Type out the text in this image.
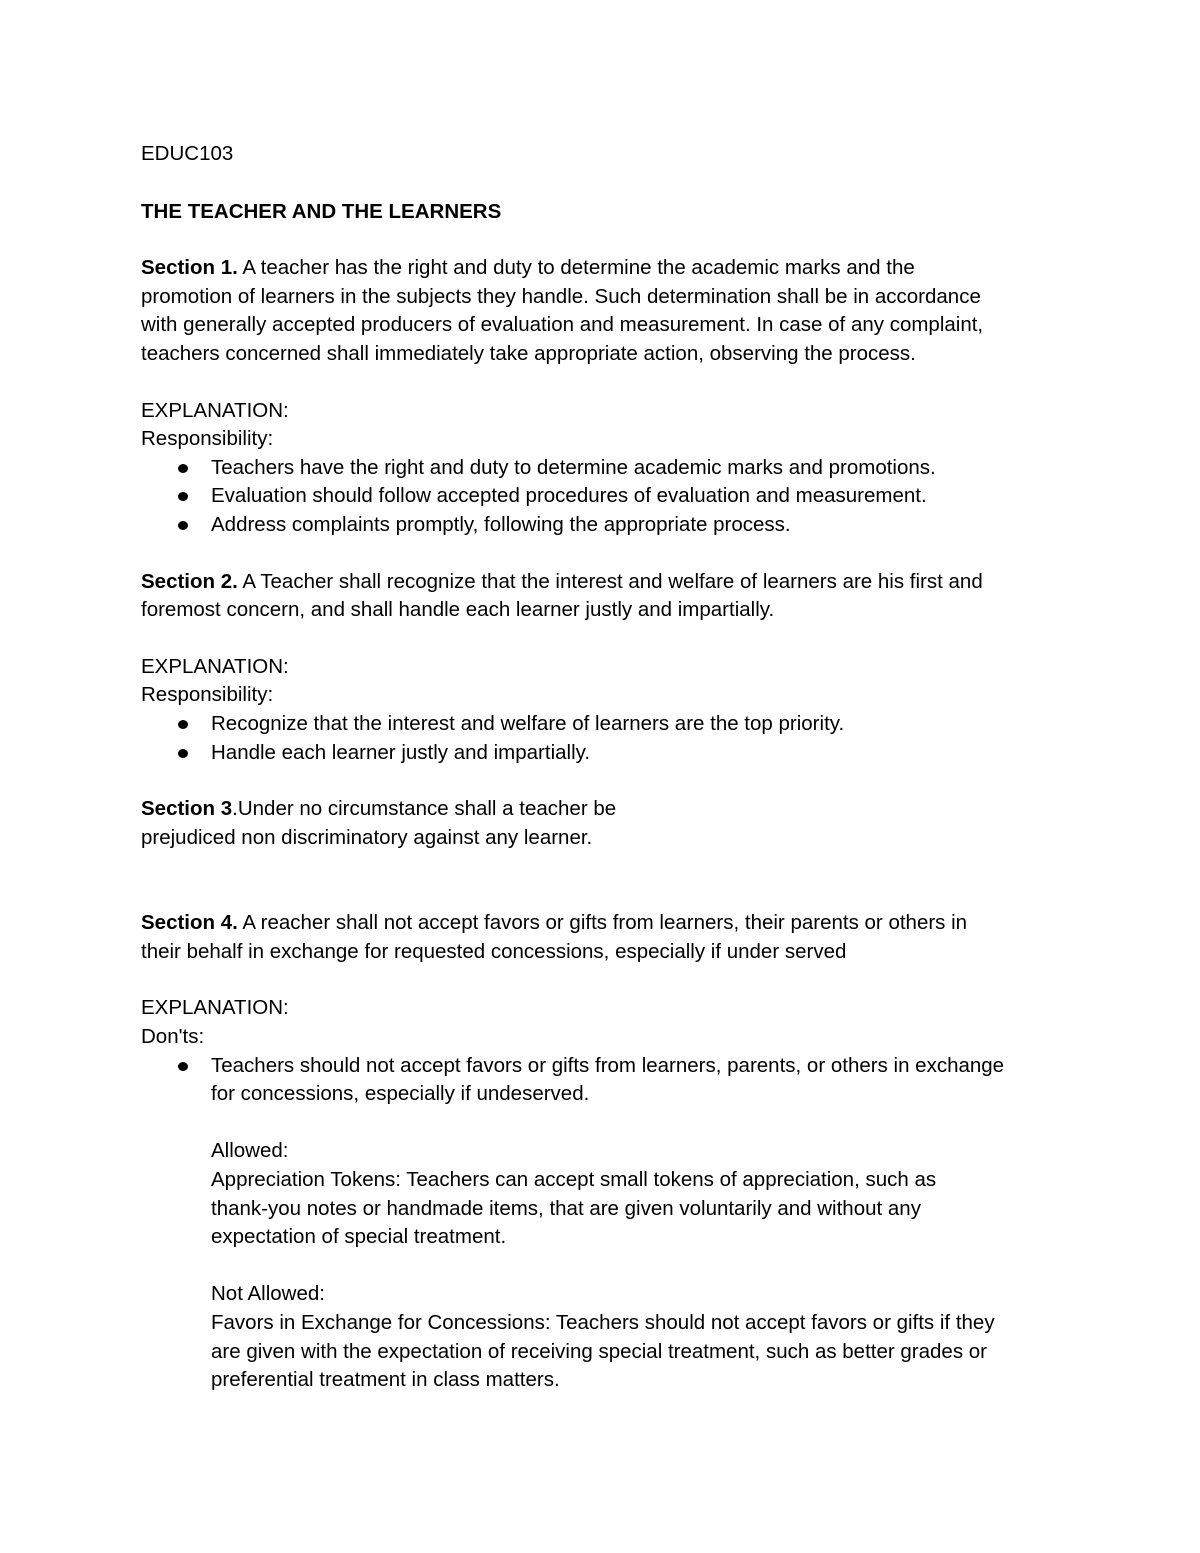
EDUC103
THE TEACHER AND THE LEARNERS
Section 1. A teacher has the right and duty to determine the academic marks and the
promotion of learners in the subjects they handle. Such determination shall be in accordance
with generally accepted producers of evaluation and measurement. In case of any complaint,
teachers concerned shall immediately take appropriate action, observing the process.
EXPLANATION:
Responsibility:
Teachers have the right and duty to determine academic marks and promotions.
Evaluation should follow accepted procedures of evaluation and measurement.
Address complaints promptly, following the appropriate process.
Section 2. A Teacher shall recognize that the interest and welfare of learners are his first and
foremost concern, and shall handle each learner justly and impartially.
EXPLANATION:
Responsibility:
Recognize that the interest and welfare of learners are the top priority.
Handle each learner justly and impartially.
Section 3.Under no circumstance shall a teacher be
prejudiced non discriminatory against any learner.
Section 4. A reacher shall not accept favors or gifts from learners, their parents or others in
their behalf in exchange for requested concessions, especially if under served
EXPLANATION:
Don'ts:
Teachers should not accept favors or gifts from learners, parents, or others in exchange
for concessions, especially if undeserved.
Allowed:
Appreciation Tokens: Teachers can accept small tokens of appreciation, such as
thank-you notes or handmade items, that are given voluntarily and without any
expectation of special treatment.
Not Allowed:
Favors in Exchange for Concessions: Teachers should not accept favors or gifts if they
are given with the expectation of receiving special treatment, such as better grades or
preferential treatment in class matters.
